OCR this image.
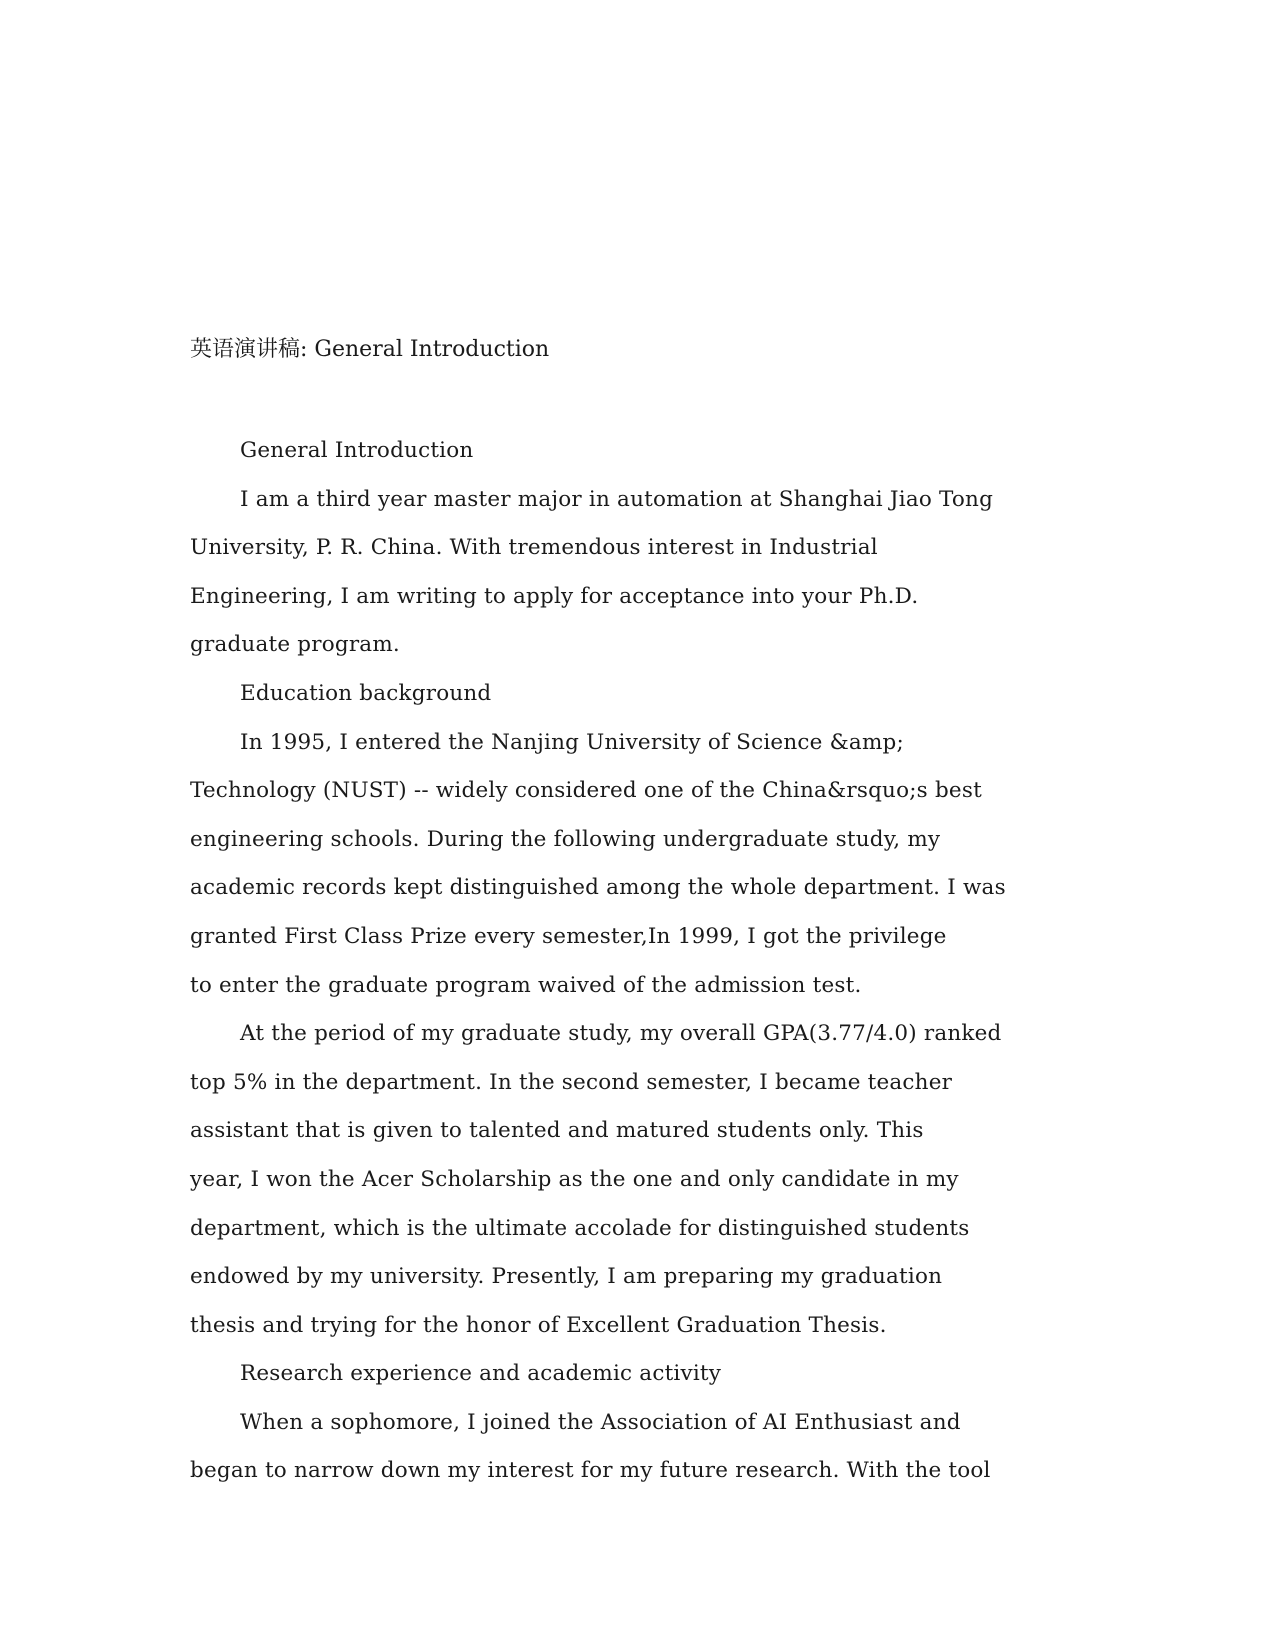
英语演讲稿: General Introduction
General Introduction
I am a third year master major in automation at Shanghai Jiao Tong
University, P. R. China. With tremendous interest in Industrial
Engineering, I am writing to apply for acceptance into your Ph.D.
graduate program.
Education background
In 1995, I entered the Nanjing University of Science &amp;
Technology (NUST) -- widely considered one of the China&rsquo;s best
engineering schools. During the following undergraduate study, my
academic records kept distinguished among the whole department. I was
granted First Class Prize every semester,In 1999, I got the privilege
to enter the graduate program waived of the admission test.
At the period of my graduate study, my overall GPA(3.77/4.0) ranked
top 5% in the department. In the second semester, I became teacher
assistant that is given to talented and matured students only. This
year, I won the Acer Scholarship as the one and only candidate in my
department, which is the ultimate accolade for distinguished students
endowed by my university. Presently, I am preparing my graduation
thesis and trying for the honor of Excellent Graduation Thesis.
Research experience and academic activity
When a sophomore, I joined the Association of AI Enthusiast and
began to narrow down my interest for my future research. With the tool
